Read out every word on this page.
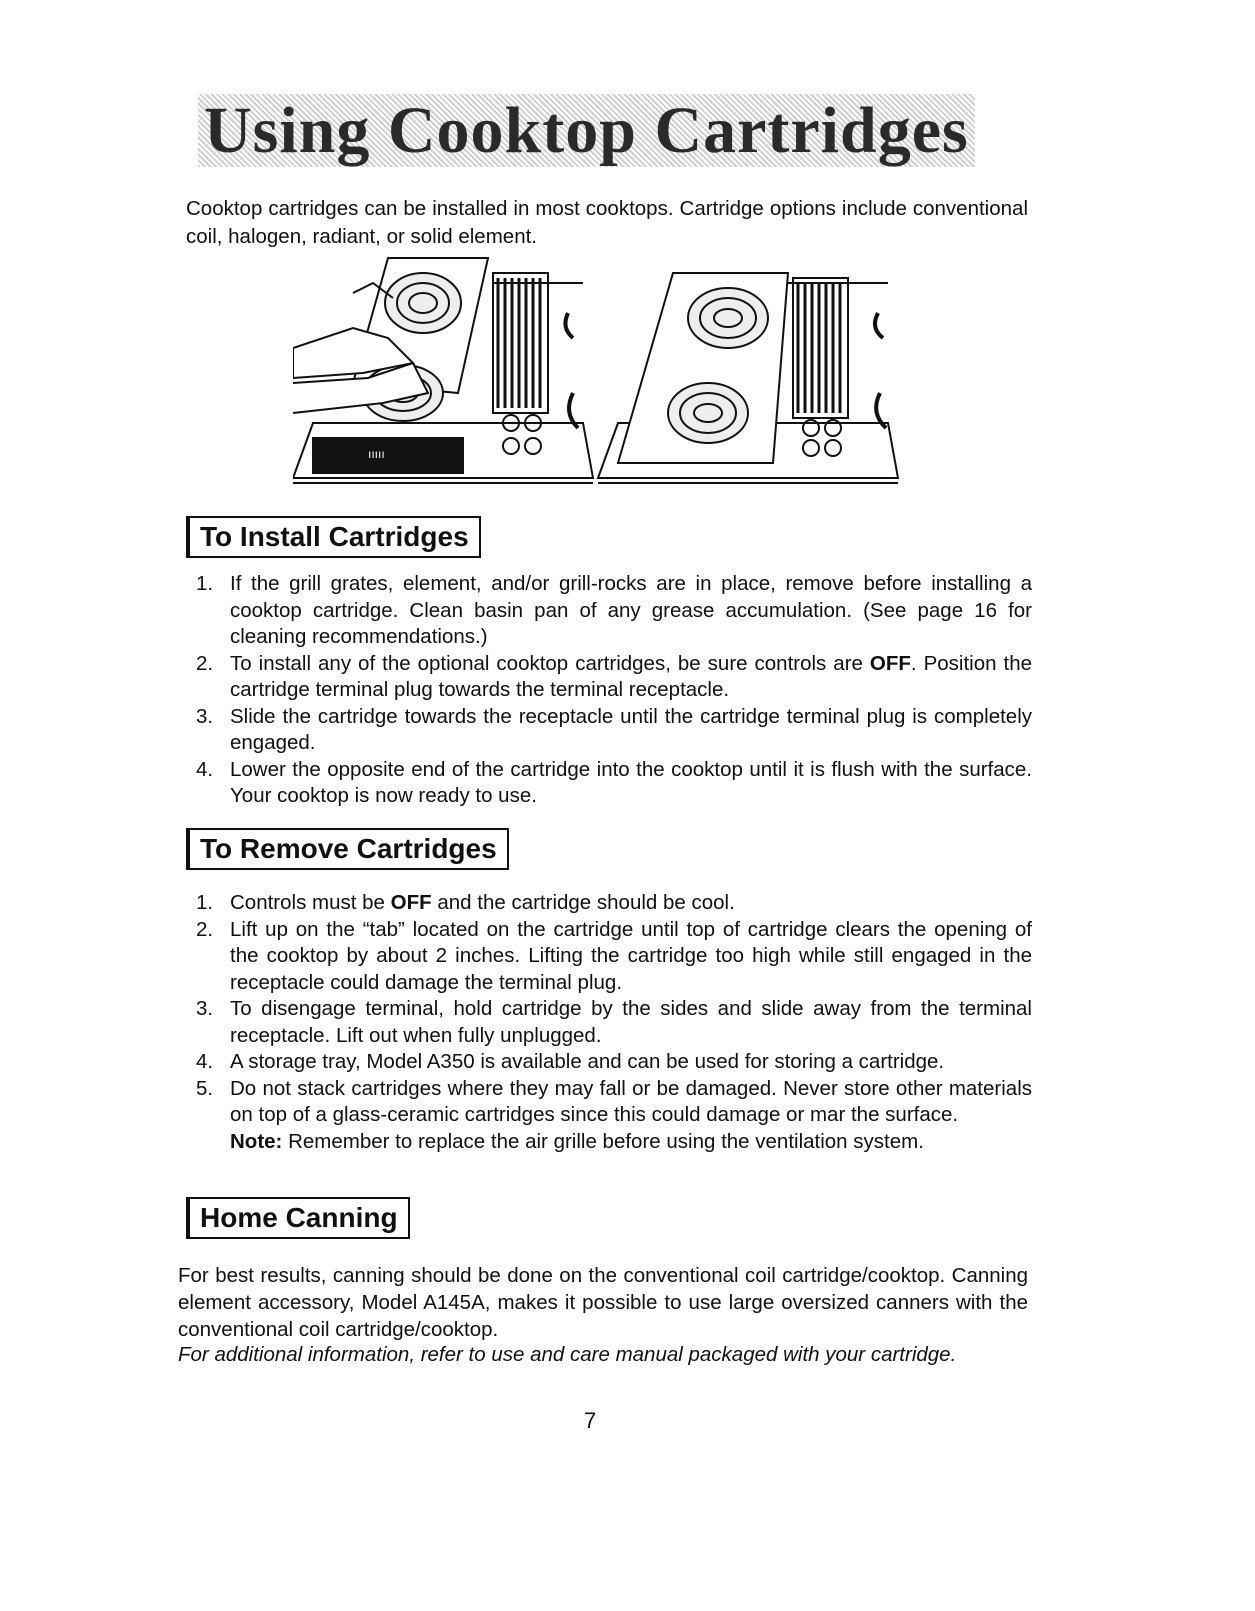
Using Cooktop Cartridges

Cooktop cartridges can be installed in most cooktops. Cartridge options include conventional coil, halogen, radiant, or solid element.

ııııı
To Install Cartridges
1. If the grill grates, element, and/or grill-rocks are in place, remove before installing a cooktop cartridge. Clean basin pan of any grease accumulation. (See page 16 for cleaning recommendations.)
2. To install any of the optional cooktop cartridges, be sure controls are OFF. Position the cartridge terminal plug towards the terminal receptacle.
3. Slide the cartridge towards the receptacle until the cartridge terminal plug is completely engaged.
4. Lower the opposite end of the cartridge into the cooktop until it is flush with the surface. Your cooktop is now ready to use.
To Remove Cartridges
1. Controls must be OFF and the cartridge should be cool.
2. Lift up on the “tab” located on the cartridge until top of cartridge clears the opening of the cooktop by about 2 inches. Lifting the cartridge too high while still engaged in the receptacle could damage the terminal plug.
3. To disengage terminal, hold cartridge by the sides and slide away from the terminal receptacle. Lift out when fully unplugged.
4. A storage tray, Model A350 is available and can be used for storing a cartridge.
5. Do not stack cartridges where they may fall or be damaged. Never store other materials on top of a glass-ceramic cartridges since this could damage or mar the surface.
Note: Remember to replace the air grille before using the ventilation system.
Home Canning

For best results, canning should be done on the conventional coil cartridge/cooktop. Canning element accessory, Model A145A, makes it possible to use large oversized canners with the conventional coil cartridge/cooktop.

For additional information, refer to use and care manual packaged with your cartridge.

7
